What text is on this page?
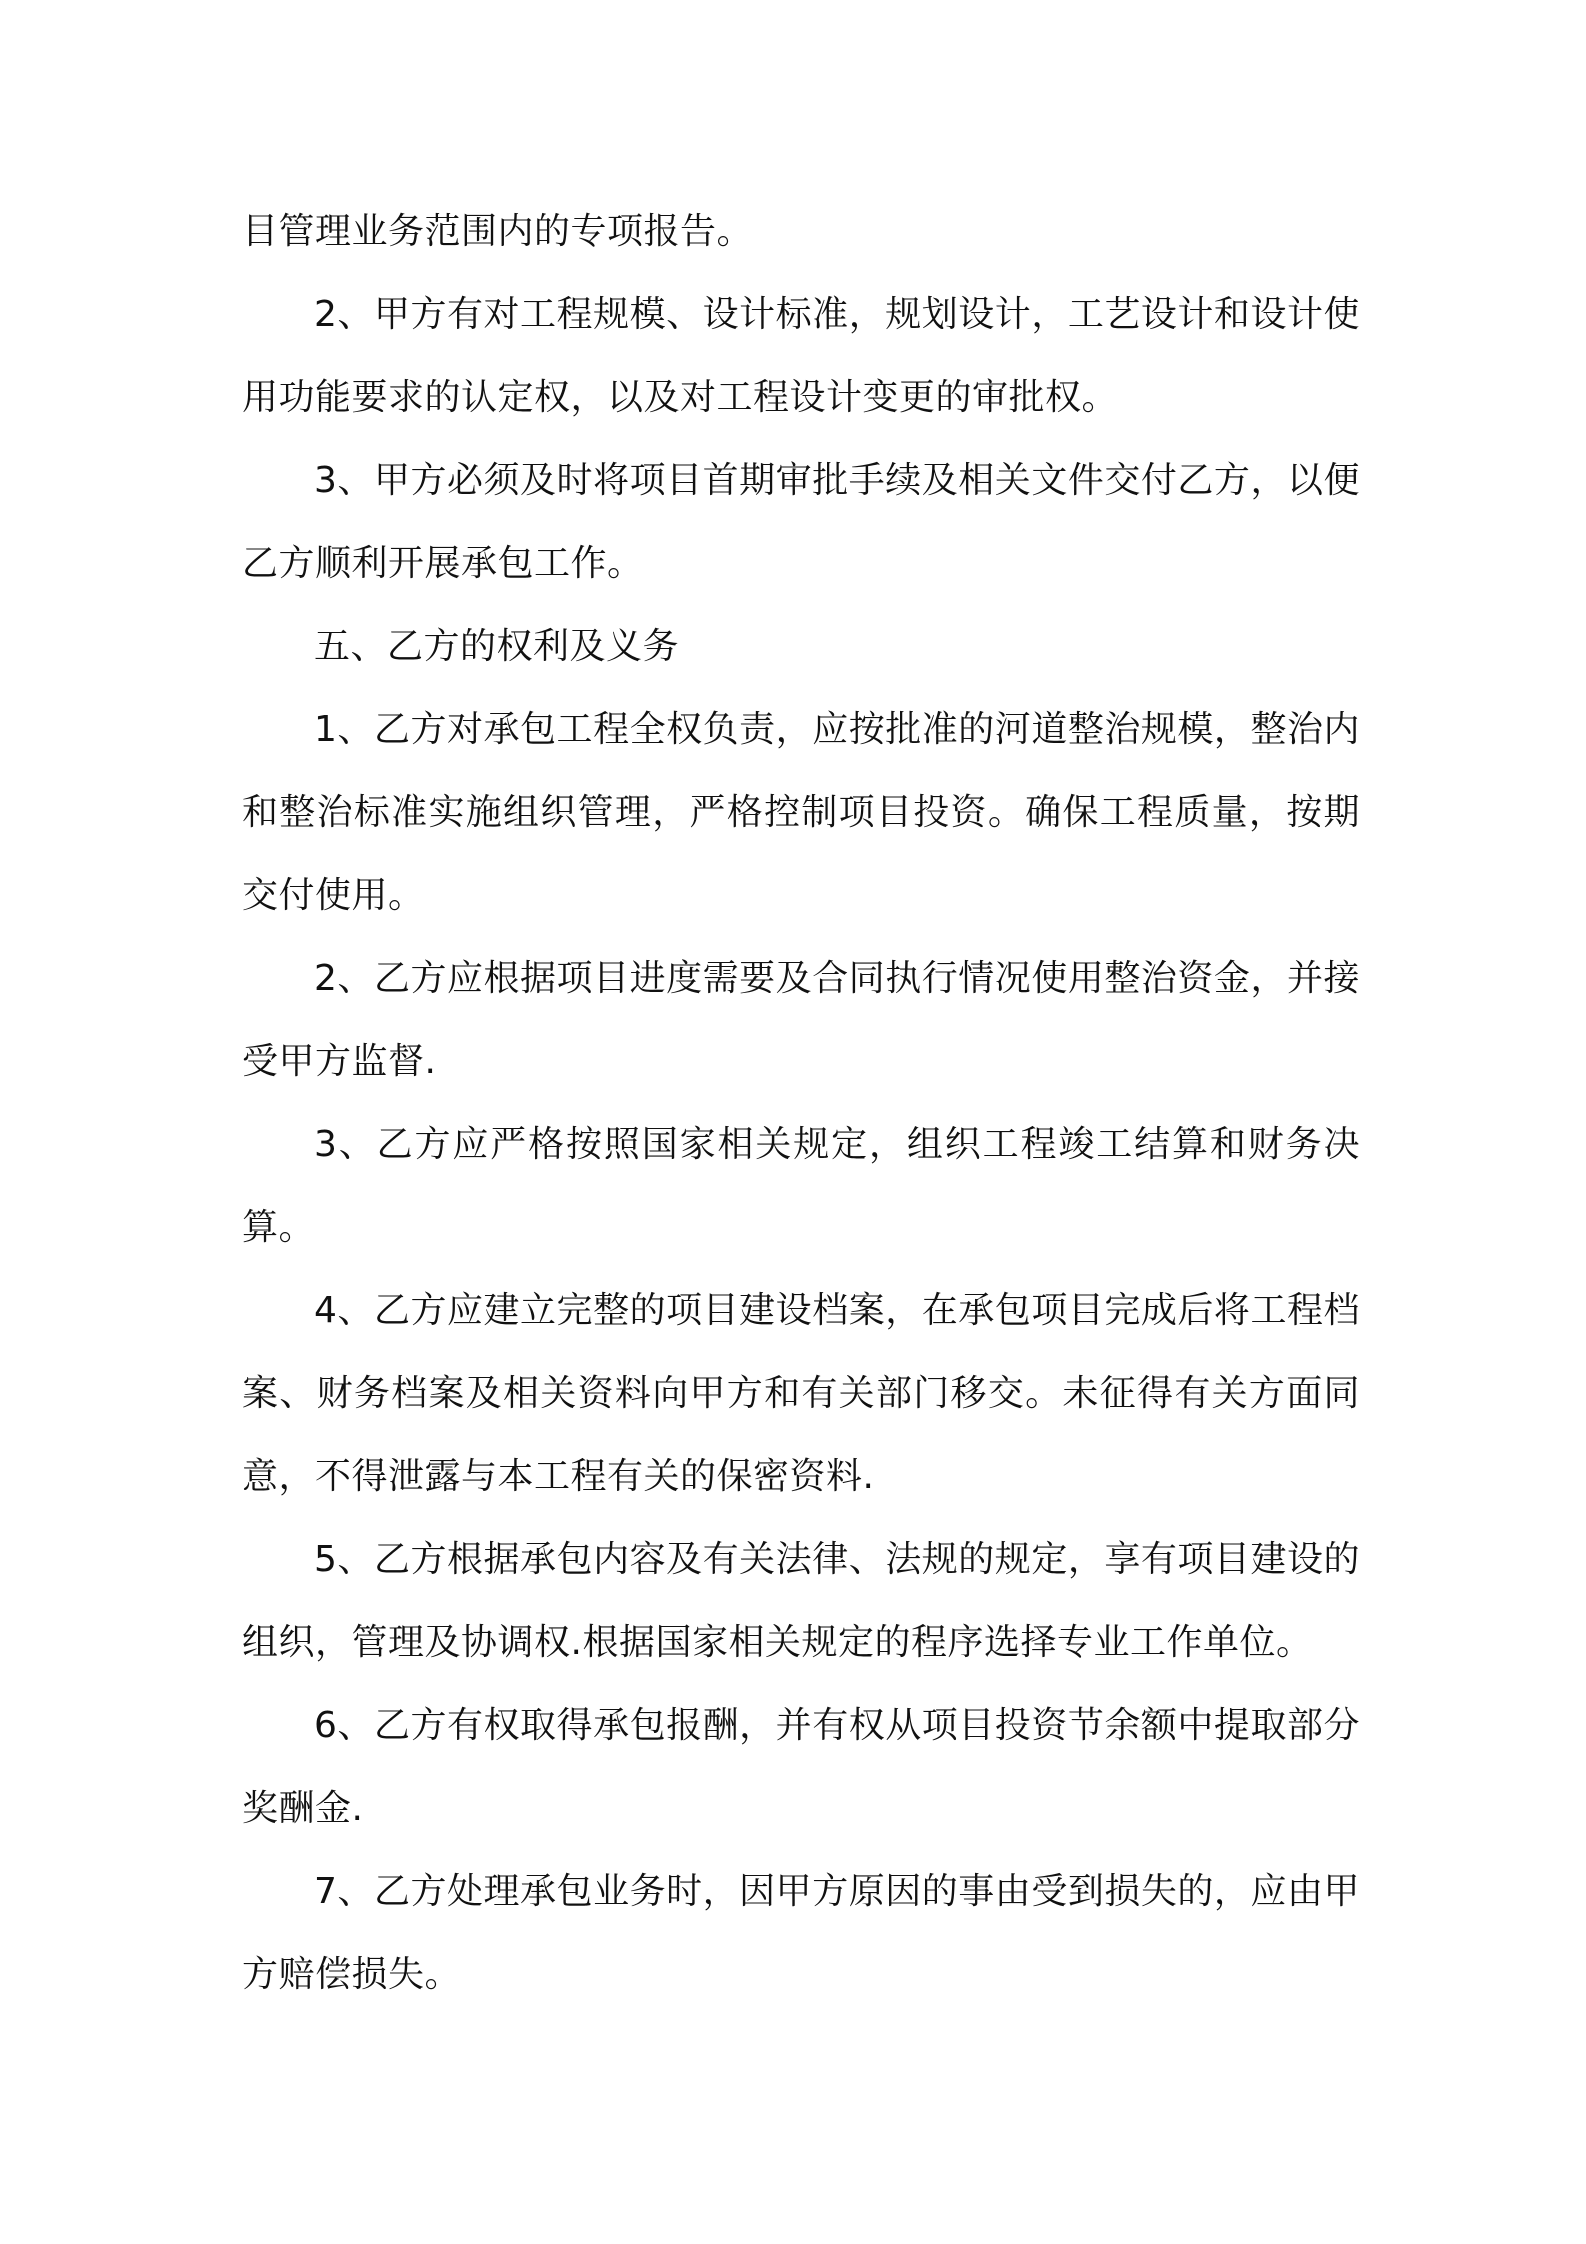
目管理业务范围内的专项报告。

2、甲方有对工程规模、设计标准，规划设计，工艺设计和设计使用功能要求的认定权，以及对工程设计变更的审批权。

3、甲方必须及时将项目首期审批手续及相关文件交付乙方，以便乙方顺利开展承包工作。

五、乙方的权利及义务

1、乙方对承包工程全权负责，应按批准的河道整治规模，整治内和整治标准实施组织管理，严格控制项目投资。确保工程质量，按期交付使用。

2、乙方应根据项目进度需要及合同执行情况使用整治资金，并接受甲方监督.

3、乙方应严格按照国家相关规定，组织工程竣工结算和财务决算。

4、乙方应建立完整的项目建设档案，在承包项目完成后将工程档案、财务档案及相关资料向甲方和有关部门移交。未征得有关方面同意，不得泄露与本工程有关的保密资料.

5、乙方根据承包内容及有关法律、法规的规定，享有项目建设的组织，管理及协调权.根据国家相关规定的程序选择专业工作单位。

6、乙方有权取得承包报酬，并有权从项目投资节余额中提取部分奖酬金.

7、乙方处理承包业务时，因甲方原因的事由受到损失的，应由甲方赔偿损失。
